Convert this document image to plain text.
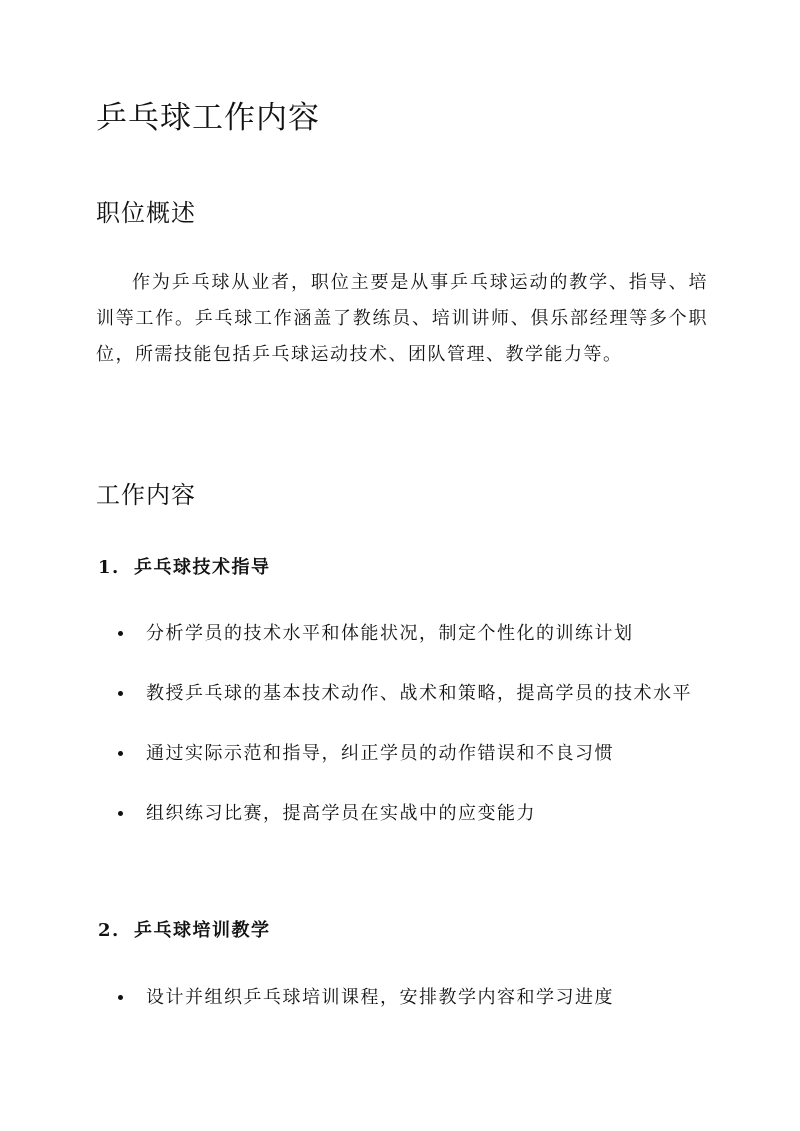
乒乓球工作内容
职位概述

作为乒乓球从业者，职位主要是从事乒乓球运动的教学、指导、培训等工作。乒乓球工作涵盖了教练员、培训讲师、俱乐部经理等多个职位，所需技能包括乒乓球运动技术、团队管理、教学能力等。

工作内容
1. 乒乓球技术指导
分析学员的技术水平和体能状况，制定个性化的训练计划
教授乒乓球的基本技术动作、战术和策略，提高学员的技术水平
通过实际示范和指导，纠正学员的动作错误和不良习惯
组织练习比赛，提高学员在实战中的应变能力
2. 乒乓球培训教学
设计并组织乒乓球培训课程，安排教学内容和学习进度
